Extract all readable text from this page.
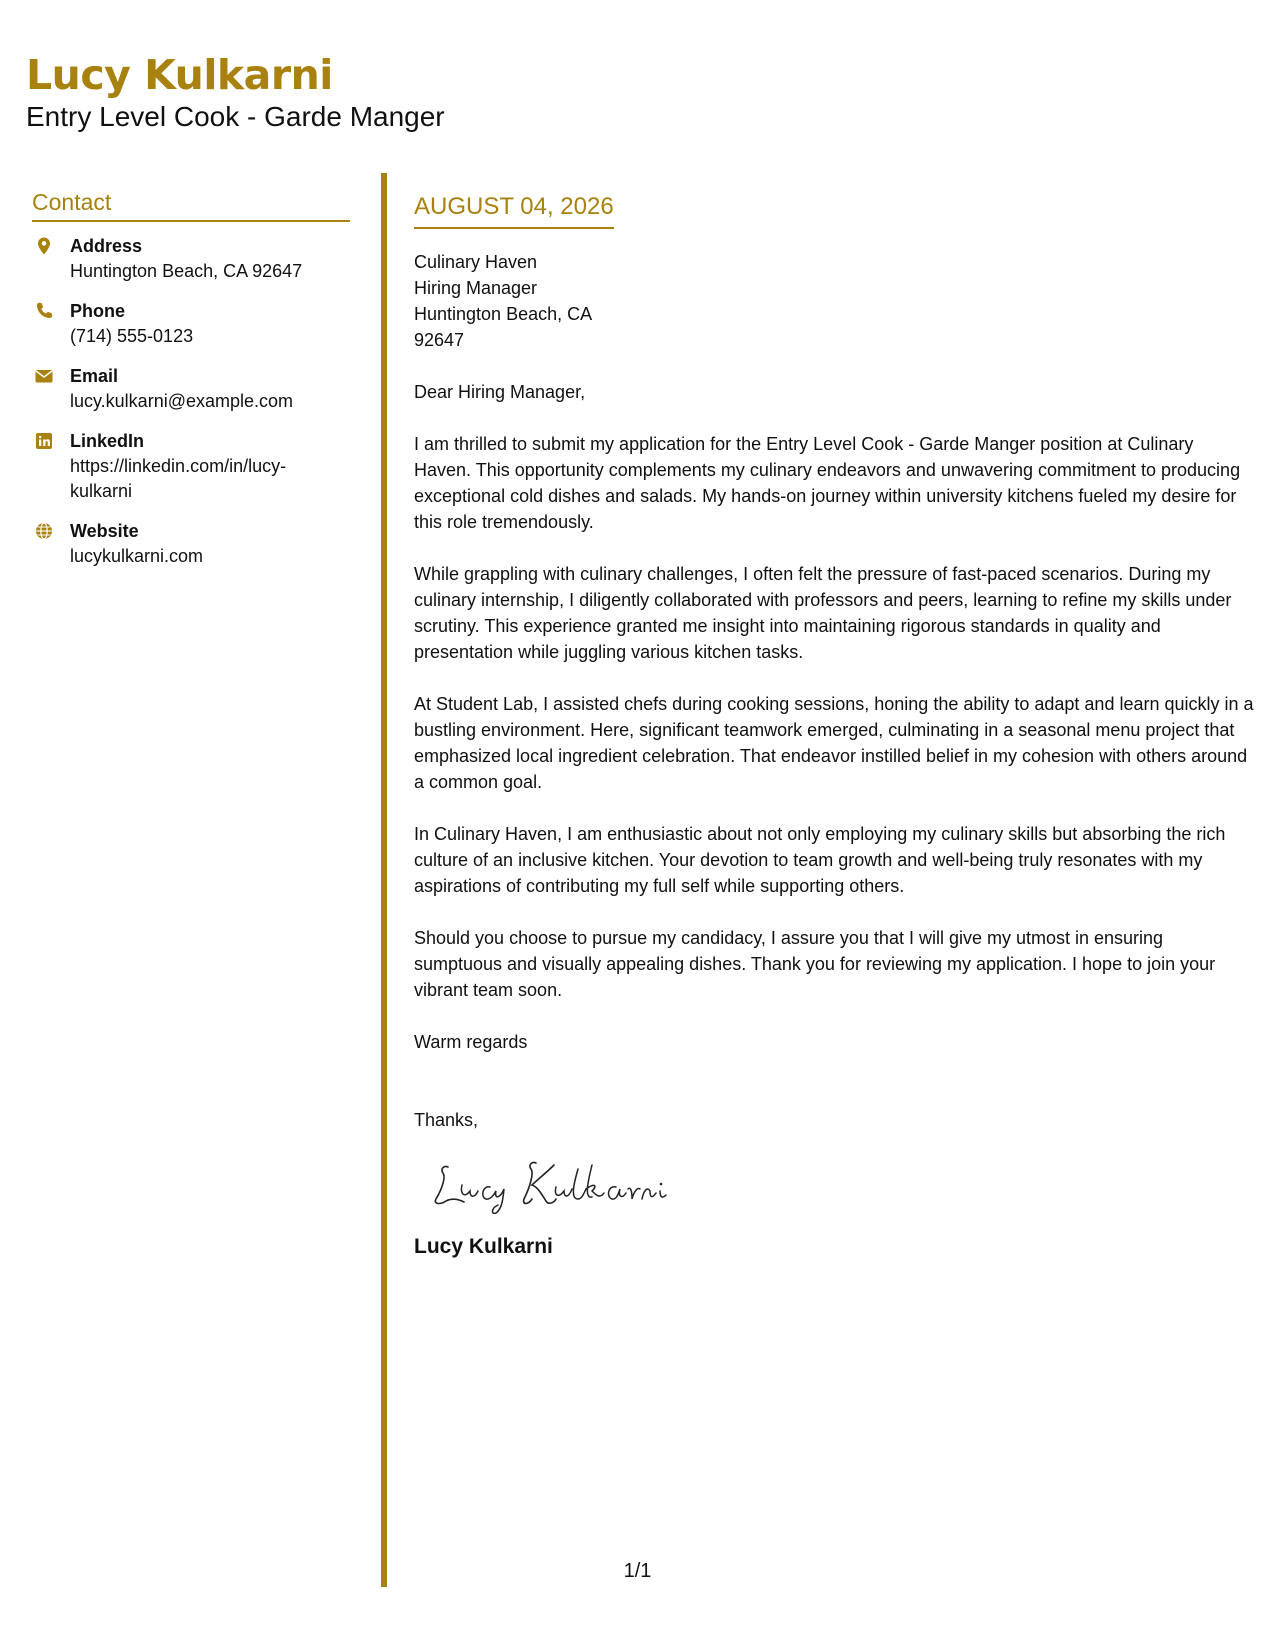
Lucy Kulkarni
Entry Level Cook - Garde Manger
Contact
Address
Huntington Beach, CA 92647
Phone
(714) 555-0123
Email
lucy.kulkarni@example.com
LinkedIn
https://linkedin.com/in/lucy-
kulkarni
Website
lucykulkarni.com
AUGUST 04, 2026
Culinary Haven
Hiring Manager
Huntington Beach, CA
92647
Dear Hiring Manager,
I am thrilled to submit my application for the Entry Level Cook - Garde Manger position at Culinary Haven. This opportunity complements my culinary endeavors and unwavering commitment to producing exceptional cold dishes and salads. My hands-on journey within university kitchens fueled my desire for this role tremendously.
While grappling with culinary challenges, I often felt the pressure of fast-paced scenarios. During my culinary internship, I diligently collaborated with professors and peers, learning to refine my skills under scrutiny. This experience granted me insight into maintaining rigorous standards in quality and presentation while juggling various kitchen tasks.
At Student Lab, I assisted chefs during cooking sessions, honing the ability to adapt and learn quickly in a bustling environment. Here, significant teamwork emerged, culminating in a seasonal menu project that emphasized local ingredient celebration. That endeavor instilled belief in my cohesion with others around a common goal.
In Culinary Haven, I am enthusiastic about not only employing my culinary skills but absorbing the rich culture of an inclusive kitchen. Your devotion to team growth and well-being truly resonates with my aspirations of contributing my full self while supporting others.
Should you choose to pursue my candidacy, I assure you that I will give my utmost in ensuring sumptuous and visually appealing dishes. Thank you for reviewing my application. I hope to join your vibrant team soon.
Warm regards
Thanks,
Lucy Kulkarni
1/1
